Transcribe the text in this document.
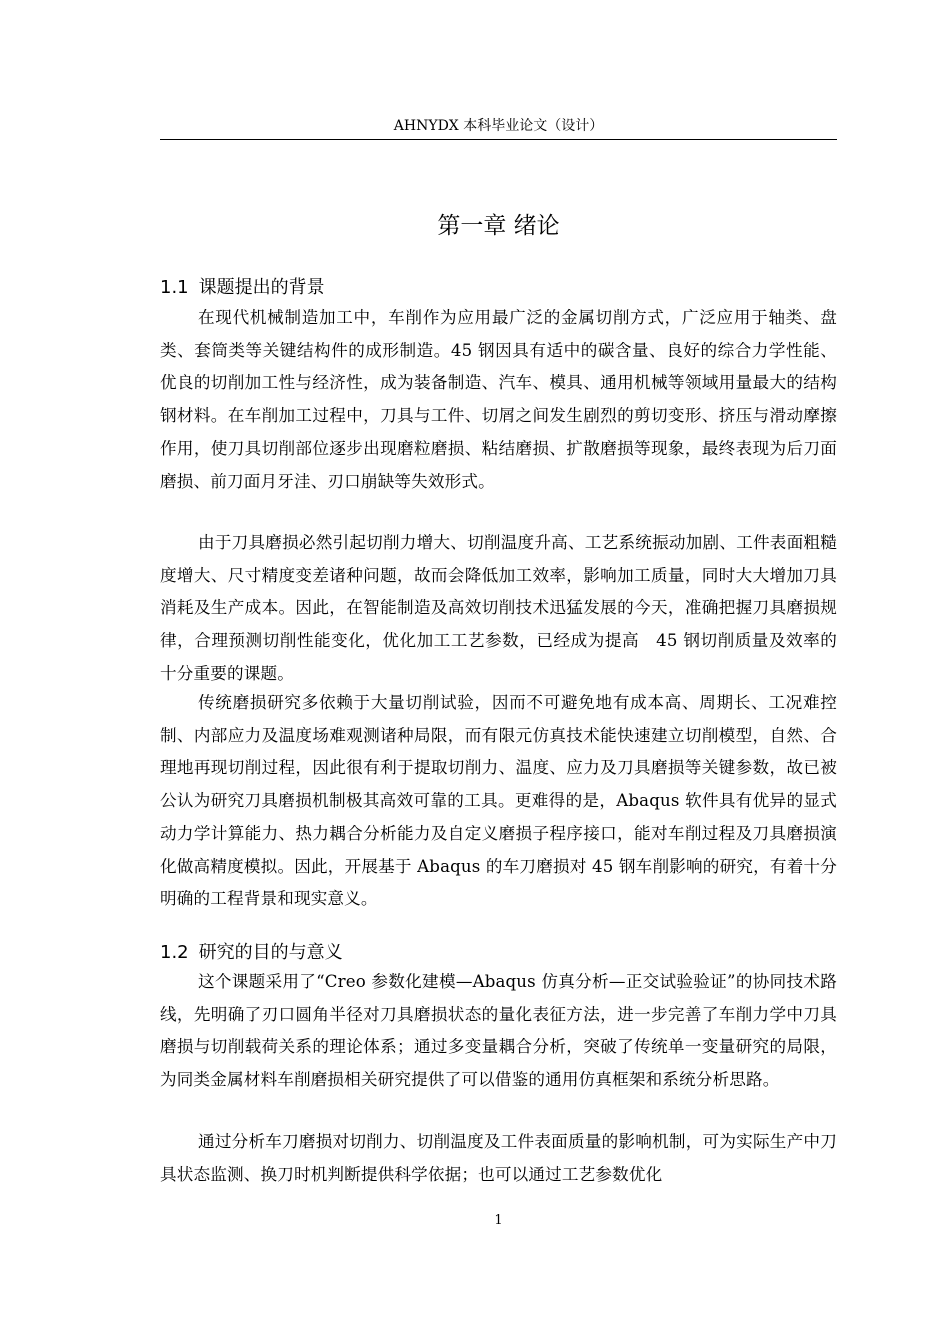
AHNYDX 本科毕业论文（设计）
第一章 绪论
1.1 课题提出的背景

在现代机械制造加工中，车削作为应用最广泛的金属切削方式，广泛应用于轴类、盘类、套筒类等关键结构件的成形制造。45 钢因具有适中的碳含量、良好的综合力学性能、优良的切削加工性与经济性，成为装备制造、汽车、模具、通用机械等领域用量最大的结构钢材料。在车削加工过程中，刀具与工件、切屑之间发生剧烈的剪切变形、挤压与滑动摩擦作用，使刀具切削部位逐步出现磨粒磨损、粘结磨损、扩散磨损等现象，最终表现为后刀面磨损、前刀面月牙洼、刃口崩缺等失效形式。

由于刀具磨损必然引起切削力增大、切削温度升高、工艺系统振动加剧、工件表面粗糙度增大、尺寸精度变差诸种问题，故而会降低加工效率，影响加工质量，同时大大增加刀具消耗及生产成本。因此，在智能制造及高效切削技术迅猛发展的今天，准确把握刀具磨损规律，合理预测切削性能变化，优化加工工艺参数，已经成为提高　45 钢切削质量及效率的十分重要的课题。

传统磨损研究多依赖于大量切削试验，因而不可避免地有成本高、周期长、工况难控制、内部应力及温度场难观测诸种局限，而有限元仿真技术能快速建立切削模型，自然、合理地再现切削过程，因此很有利于提取切削力、温度、应力及刀具磨损等关键参数，故已被公认为研究刀具磨损机制极其高效可靠的工具。更难得的是，Abaqus 软件具有优异的显式动力学计算能力、热力耦合分析能力及自定义磨损子程序接口，能对车削过程及刀具磨损演化做高精度模拟。因此，开展基于 Abaqus 的车刀磨损对 45 钢车削影响的研究，有着十分明确的工程背景和现实意义。

1.2 研究的目的与意义

这个课题采用了“Creo 参数化建模—Abaqus 仿真分析—正交试验验证”的协同技术路线，先明确了刃口圆角半径对刀具磨损状态的量化表征方法，进一步完善了车削力学中刀具磨损与切削载荷关系的理论体系；通过多变量耦合分析，突破了传统单一变量研究的局限，为同类金属材料车削磨损相关研究提供了可以借鉴的通用仿真框架和系统分析思路。

通过分析车刀磨损对切削力、切削温度及工件表面质量的影响机制，可为实际生产中刀具状态监测、换刀时机判断提供科学依据；也可以通过工艺参数优化

1
